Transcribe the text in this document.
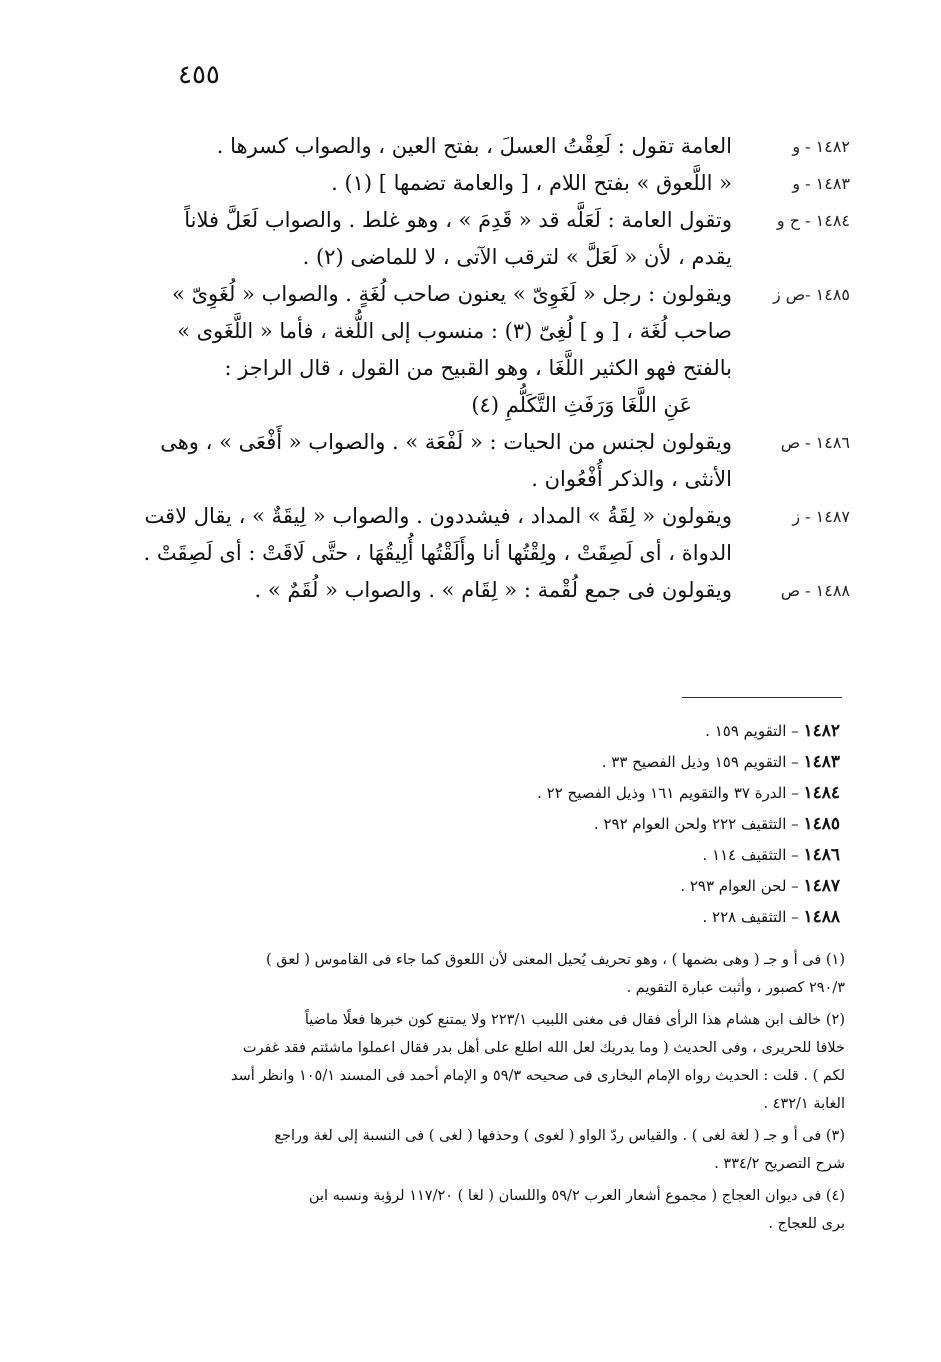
٤٥٥
١٤٨٢ - و
العامة تقول : لَعِقْتُ العسلَ ، بفتح العين ، والصواب كسرها .
١٤٨٣ - و
« اللَّعوق » بفتح اللام ، [ والعامة تضمها ] (١) .
١٤٨٤ - ح و
وتقول العامة : لَعَلَّه قد « قَدِمَ » ، وهو غلط . والصواب لَعَلَّ فلاناً
يقدم ، لأن « لَعَلَّ » لترقب الآتى ، لا للماضى (٢) .
١٤٨٥ -ص ز
ويقولون : رجل « لَغَوِىّ » يعنون صاحب لُغَةٍ . والصواب « لُغَوِىّ »
صاحب لُغَة ، [ و ] لُغِىّ (٣) : منسوب إلى اللُّغة ، فأما « اللَّغَوى »
بالفتح فهو الكثير اللَّغَا ، وهو القبيح من القول ، قال الراجز :
عَنِ اللَّغَا وَرَفَثِ التَّكَلُّمِ (٤)
١٤٨٦ - ص
ويقولون لجنس من الحيات : « لَفْعَة » . والصواب « أَفْعَى » ، وهى
الأنثى ، والذكر أُفْعُوان .
١٤٨٧ - ز
ويقولون « لِقَةُ » المداد ، فيشددون . والصواب « لِيقَةٌ » ، يقال لاقت
الدواة ، أى لَصِقَتْ ، ولِقْتُها أنا وأَلَقْتُها أُلِيقُهَا ، حتَّى لَاقَتْ : أى لَصِقَتْ .
١٤٨٨ - ص
ويقولون فى جمع لُقْمة : « لِقَام » . والصواب « لُقَمٌ » .
١٤٨٢ – التقويم ١٥٩ .
١٤٨٣ – التقويم ١٥٩ وذيل الفصيح ٣٣ .
١٤٨٤ – الدرة ٣٧ والتقويم ١٦١ وذيل الفصيح ٢٢ .
١٤٨٥ – التثقيف ٢٢٢ ولحن العوام ٢٩٢ .
١٤٨٦ – التثقيف ١١٤ .
١٤٨٧ – لحن العوام ٢٩٣ .
١٤٨٨ – التثقيف ٢٢٨ .
(١) فى أ و جـ ( وهى بضمها ) ، وهو تحريف يُحيل المعنى لأن اللعوق كما جاء فى القاموس ( لعق )
٢٩٠/٣ كصبور ، وأثبت عبارة التقويم .
(٢) خالف ابن هشام هذا الرأى فقال فى مغنى اللبيب ٢٢٣/١ ولا يمتنع كون خبرها فعلًا ماضياً
خلافا للحريرى ، وفى الحديث ( وما يدريك لعل الله اطلع على أهل بدر فقال اعملوا ماشئتم فقد غفرت
لكم ) . قلت : الحديث رواه الإمام البخارى فى صحيحه ٥٩/٣ و الإمام أحمد فى المسند ١٠٥/١ وانظر أسد
الغابة ٤٣٢/١ .
(٣) فى أ و جـ ( لغة لغى ) . والقياس ردّ الواو ( لغوى ) وحذفها ( لغى ) فى النسبة إلى لغة وراجع
شرح التصريح ٣٣٤/٢ .
(٤) فى ديوان العجاج ( مجموع أشعار العرب ٥٩/٢ واللسان ( لغا ) ١١٧/٢٠ لرؤبة ونسبه ابن
برى للعجاج .
